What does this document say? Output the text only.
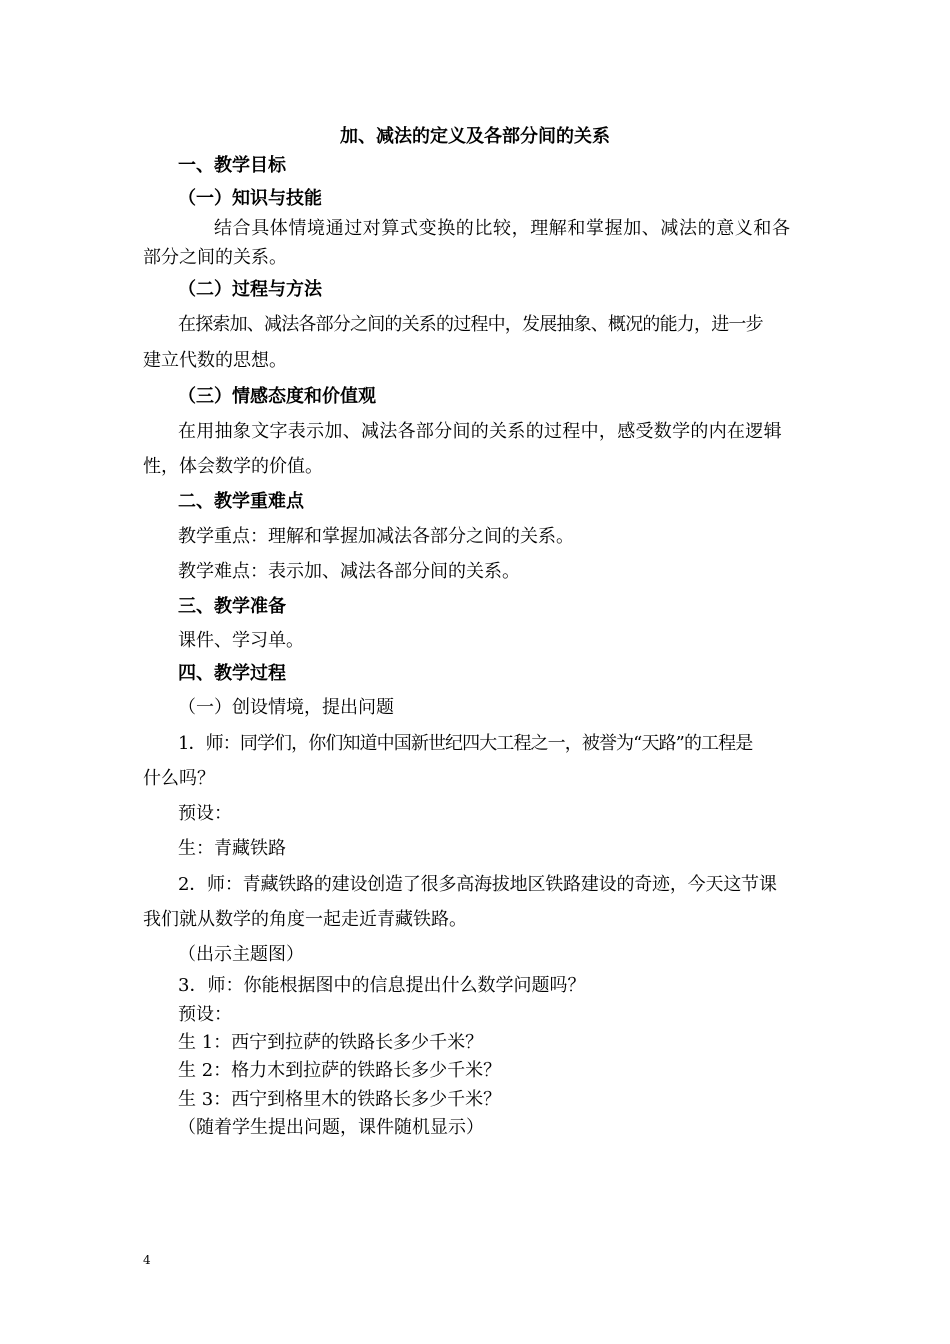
加、减法的定义及各部分间的关系
一、教学目标
（一）知识与技能
结合具体情境通过对算式变换的比较，理解和掌握加、减法的意义和各
部分之间的关系。
（二）过程与方法
在探索加、减法各部分之间的关系的过程中，发展抽象、概况的能力，进一步
建立代数的思想。
（三）情感态度和价值观
在用抽象文字表示加、减法各部分间的关系的过程中，感受数学的内在逻辑
性，体会数学的价值。
二、教学重难点
教学重点：理解和掌握加减法各部分之间的关系。
教学难点：表示加、减法各部分间的关系。
三、教学准备
课件、学习单。
四、教学过程
（一）创设情境，提出问题
1．师：同学们，你们知道中国新世纪四大工程之一，被誉为“天路”的工程是
什么吗？
预设：
生：青藏铁路
2．师：青藏铁路的建设创造了很多高海拔地区铁路建设的奇迹，今天这节课
我们就从数学的角度一起走近青藏铁路。
（出示主题图）
3．师：你能根据图中的信息提出什么数学问题吗？
预设：
生 1：西宁到拉萨的铁路长多少千米？
生 2：格力木到拉萨的铁路长多少千米？
生 3：西宁到格里木的铁路长多少千米？
（随着学生提出问题，课件随机显示）
4
